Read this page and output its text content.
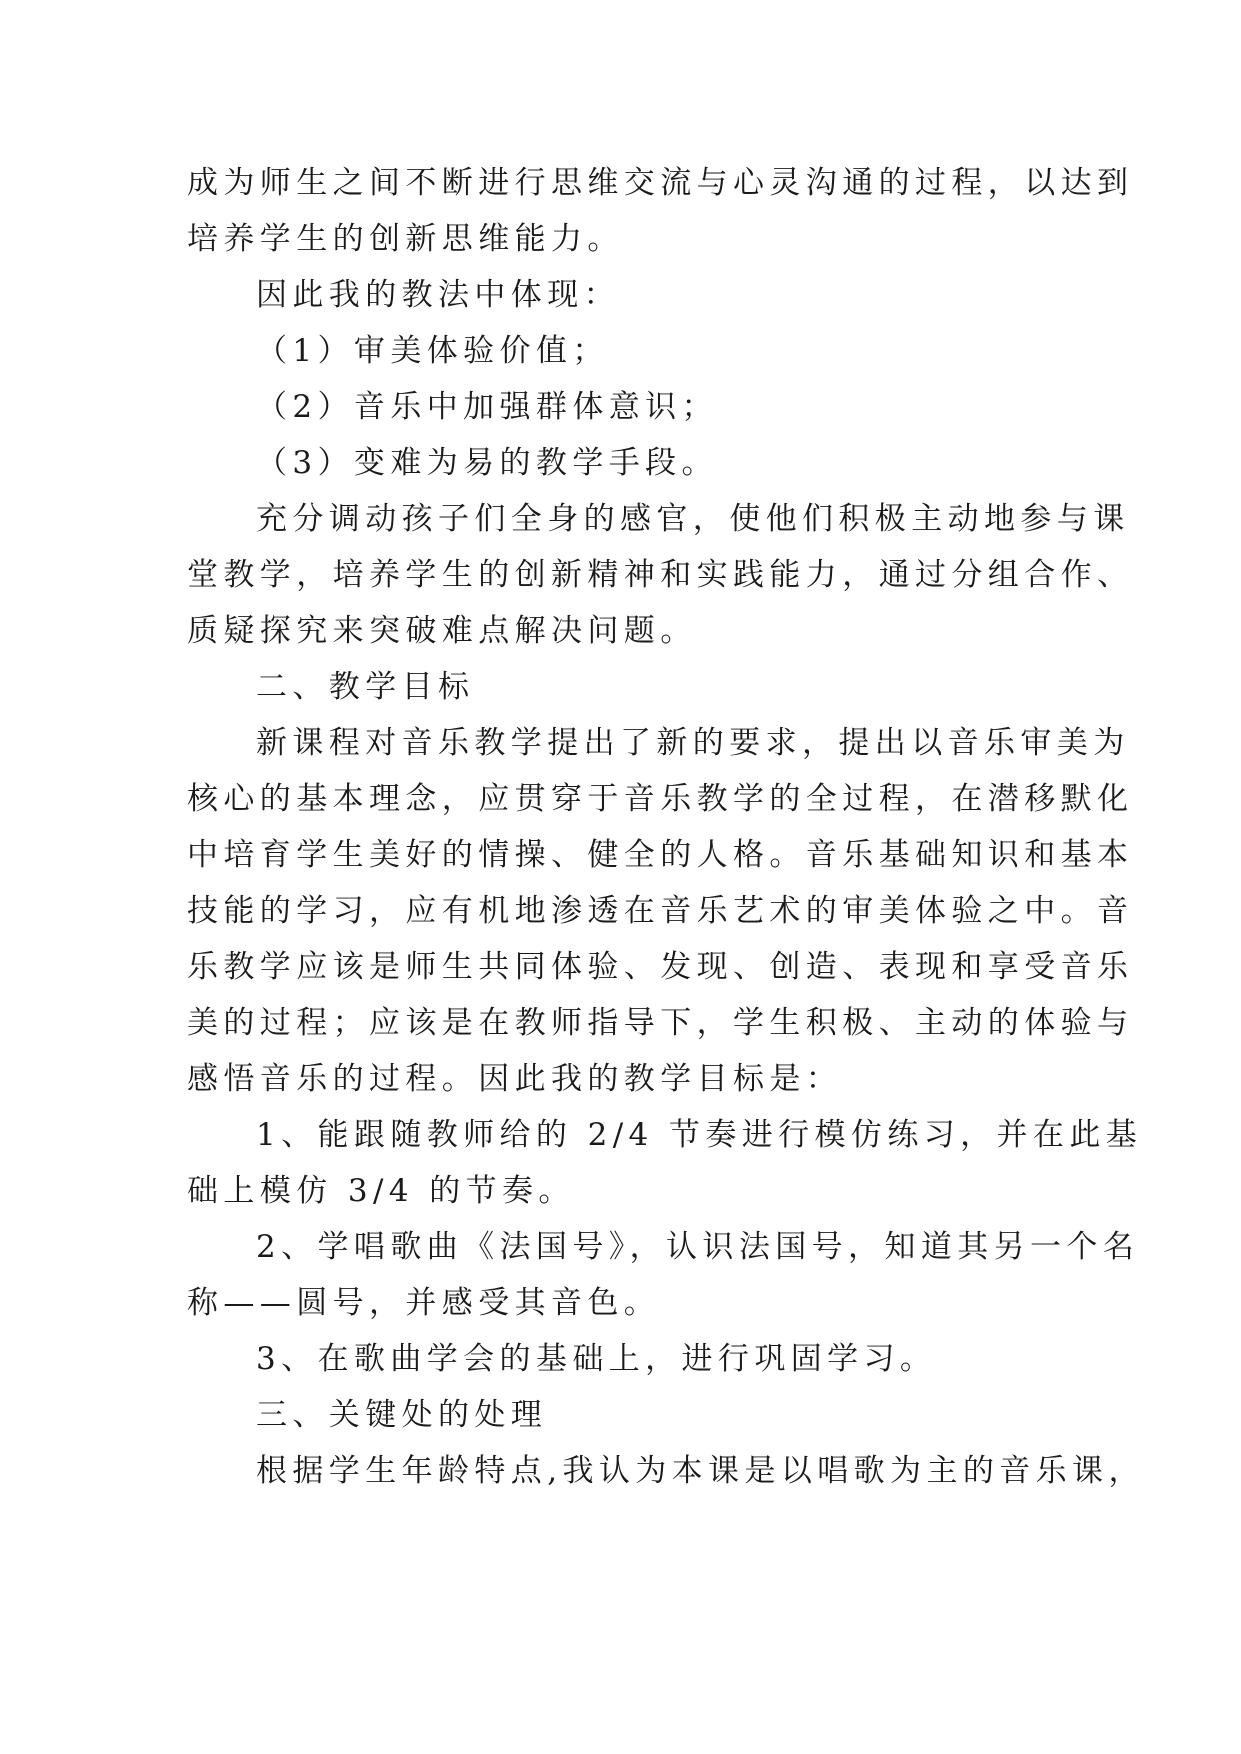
成为师生之间不断进行思维交流与心灵沟通的过程，以达到

培养学生的创新思维能力。

因此我的教法中体现：

（1）审美体验价值；

（2）音乐中加强群体意识；

（3）变难为易的教学手段。

充分调动孩子们全身的感官，使他们积极主动地参与课

堂教学，培养学生的创新精神和实践能力，通过分组合作、

质疑探究来突破难点解决问题。

二、教学目标

新课程对音乐教学提出了新的要求，提出以音乐审美为

核心的基本理念，应贯穿于音乐教学的全过程，在潜移默化

中培育学生美好的情操、健全的人格。音乐基础知识和基本

技能的学习，应有机地渗透在音乐艺术的审美体验之中。音

乐教学应该是师生共同体验、发现、创造、表现和享受音乐

美的过程；应该是在教师指导下，学生积极、主动的体验与

感悟音乐的过程。因此我的教学目标是：

1、能跟随教师给的 2/4 节奏进行模仿练习，并在此基

础上模仿 3/4 的节奏。

2、学唱歌曲《法国号》，认识法国号，知道其另一个名

称——圆号，并感受其音色。

3、在歌曲学会的基础上，进行巩固学习。

三、关键处的处理

根据学生年龄特点,我认为本课是以唱歌为主的音乐课，
